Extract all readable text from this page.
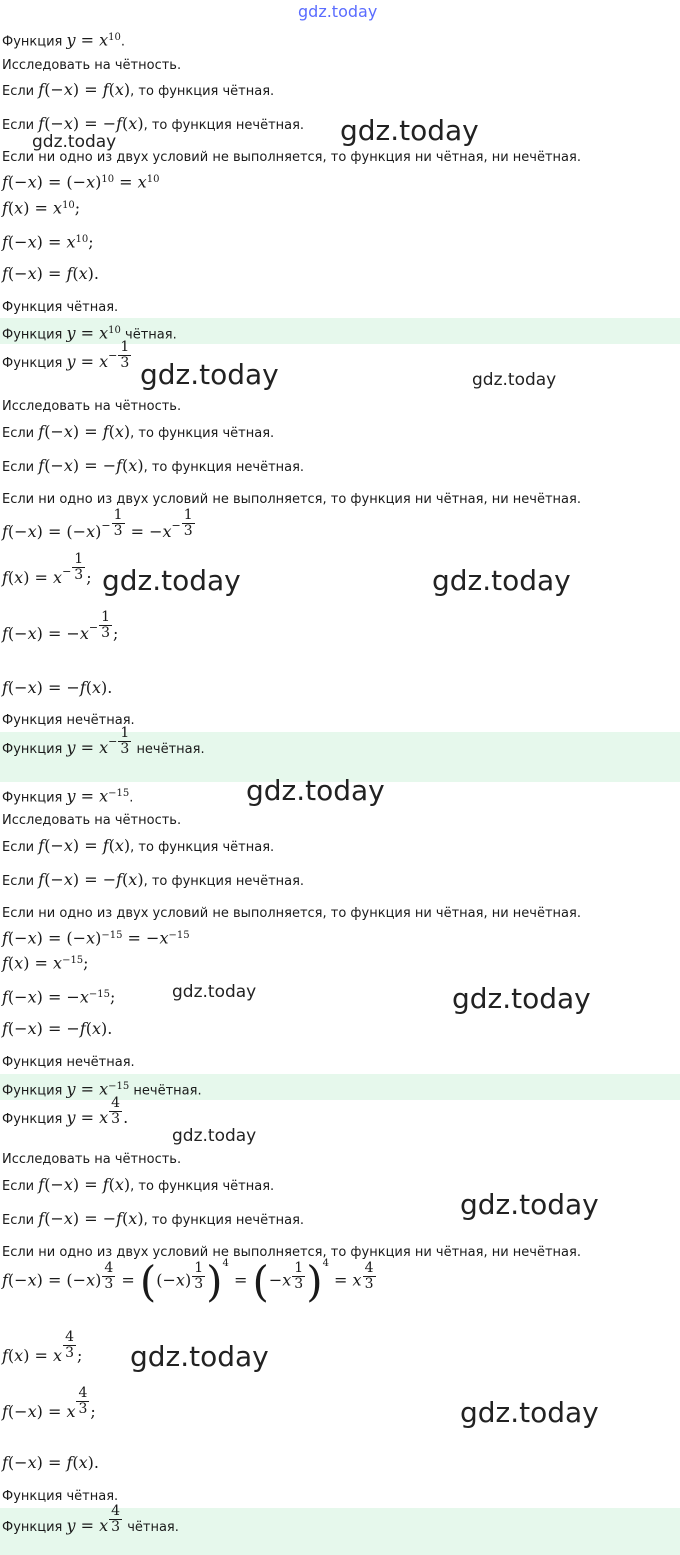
gdz.today
Функция $y = x^{10}$.
Исследовать на чётность.
Если f(−x) = f(x), то функция чётная.
Если f(−x) = −f(x), то функция нечётная.
gdz.today	gdz.today
Если ни одно из двух условий не выполняется, то функция ни чётная, ни нечётная.
$f(-x) = (-x)^{10} = x^{10}$
$f(x) = x^{10}$;
$f(-x) = x^{10}$;
f(−x) = f(x).
Функция чётная.
Функция $y = x^{10}$ чётная.
Функция $y = x^- \frac{1}{3}$
gdz.today	gdz.today
Исследовать на чётность.
Если f(−x) = f(x), то функция чётная.
Если f(−x) = −f(x), то функция нечётная.
Если ни одно из двух условий не выполняется, то функция ни чётная, ни нечётная.
$f(-x) = (-x)^- \frac{1}{3} = -x^- \frac{1}{3}$
$f(x) = x^- \frac{1}{3}$ ; gdz.today	gdz.today
$f(-x) = -x^- \frac{1}{3}$ ;
f(−x) = −f(x).
Функция нечётная.
Функция $y = x^- \frac{1}{3}$ нечётная.
Функция $y = x^{-15}$.	gdz.today
Исследовать на чётность.
Если f(−x) = f(x), то функция чётная.
Если f(−x) = −f(x), то функция нечётная.
Если ни одно из двух условий не выполняется, то функция ни чётная, ни нечётная.
$f(-x) = (-x)^{-15} = -x^{-15}$
$f(x) = x^{-15}$;
$f(-x) = -x^{-15}$;	gdz.today	gdz.today
f(−x) = −f(x).
Функция нечётная.
Функция $y = x^{-15}$ нечётная.
Функция y = x $\frac{4}{3}$ .
gdz.today
Исследовать на чётность.
Если f(−x) = f(x), то функция чётная.
gdz.today
Если f(−x) = −f(x), то функция нечётная.
Если ни одно из двух условий не выполняется, то функция ни чётная, ни нечётная.
$f(-x) = (-x) \frac{4}{3} = ((-x) \frac{1}{3} )^4 = (-x \frac{1}{3} )^4 = x \frac{4}{3}$
f(x) = x $\frac{4}{3}$ ; gdz.today
f(−x) = x $\frac{4}{3}$ ;	gdz.today
f(−x) = f(x).
Функция чётная.
Функция y = x $\frac{4}{3}$ чётная.
